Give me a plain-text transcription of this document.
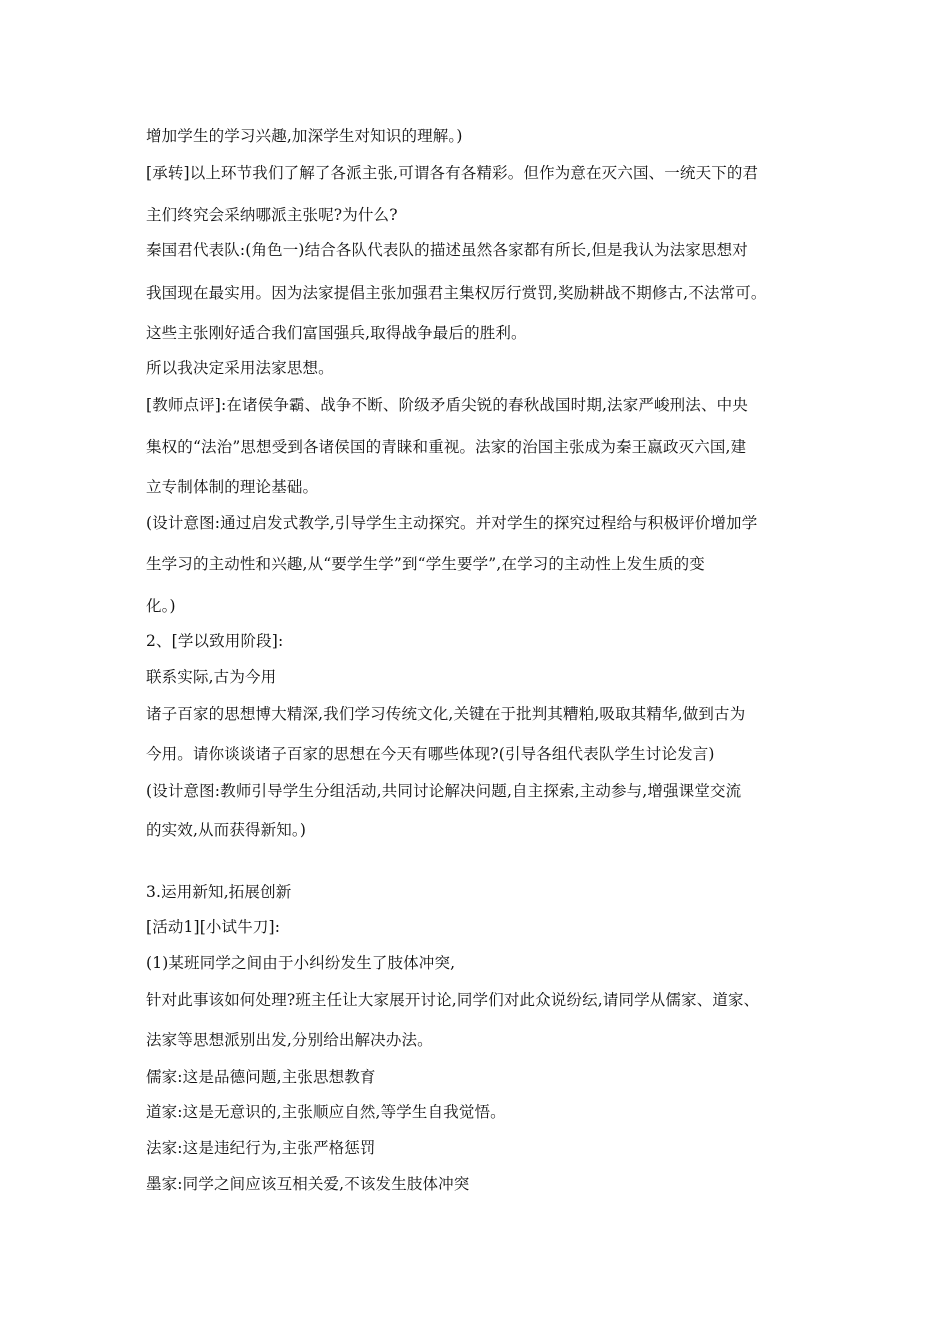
增加学生的学习兴趣,加深学生对知识的理解。)
[承转]以上环节我们了解了各派主张,可谓各有各精彩。但作为意在灭六国、一统天下的君
主们终究会采纳哪派主张呢?为什么?
秦国君代表队:(角色一)结合各队代表队的描述虽然各家都有所长,但是我认为法家思想对
我国现在最实用。因为法家提倡主张加强君主集权厉行赏罚,奖励耕战不期修古,不法常可。
这些主张刚好适合我们富国强兵,取得战争最后的胜利。
所以我决定采用法家思想。
[教师点评]:在诸侯争霸、战争不断、阶级矛盾尖锐的春秋战国时期,法家严峻刑法、中央
集权的“法治”思想受到各诸侯国的青睐和重视。法家的治国主张成为秦王嬴政灭六国,建
立专制体制的理论基础。
(设计意图:通过启发式教学,引导学生主动探究。并对学生的探究过程给与积极评价增加学
生学习的主动性和兴趣,从“要学生学”到“学生要学”,在学习的主动性上发生质的变
化。)
2、[学以致用阶段]:
联系实际,古为今用
诸子百家的思想博大精深,我们学习传统文化,关键在于批判其糟粕,吸取其精华,做到古为
今用。请你谈谈诸子百家的思想在今天有哪些体现?(引导各组代表队学生讨论发言)
(设计意图:教师引导学生分组活动,共同讨论解决问题,自主探索,主动参与,增强课堂交流
的实效,从而获得新知。)
3.运用新知,拓展创新
[活动1][小试牛刀]:
(1)某班同学之间由于小纠纷发生了肢体冲突,
针对此事该如何处理?班主任让大家展开讨论,同学们对此众说纷纭,请同学从儒家、道家、
法家等思想派别出发,分别给出解决办法。
儒家:这是品德问题,主张思想教育
道家:这是无意识的,主张顺应自然,等学生自我觉悟。
法家:这是违纪行为,主张严格惩罚
墨家:同学之间应该互相关爱,不该发生肢体冲突
